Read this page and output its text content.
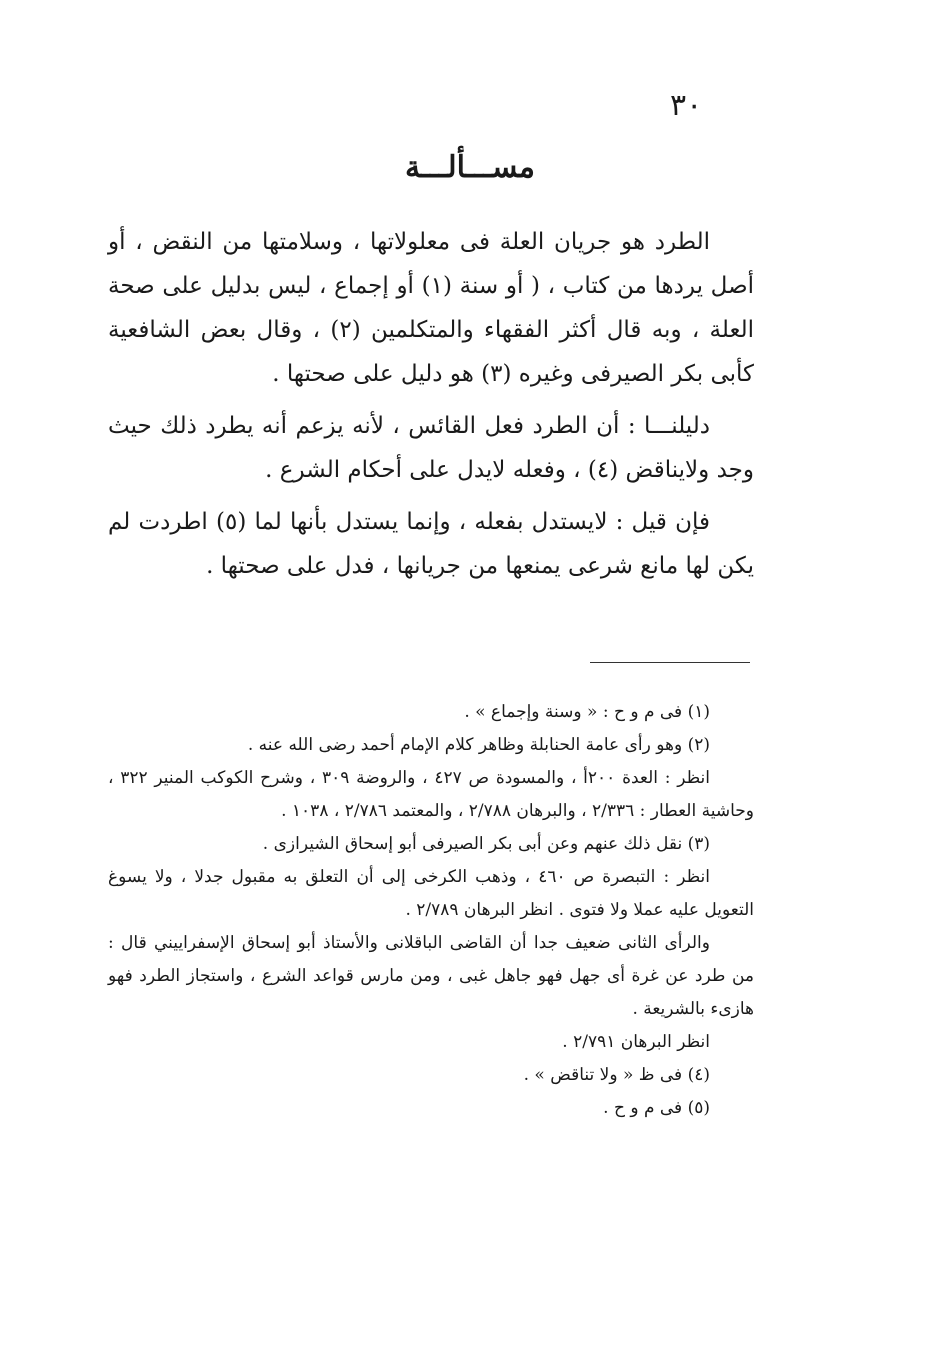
٣٠
مســـألـــة

الطرد هو جريان العلة فى معلولاتها ، وسلامتها من النقض ، أو أصل يردها من كتاب ، ( أو سنة (١) أو إجماع ، ليس بدليل على صحة العلة ، وبه قال أكثر الفقهاء والمتكلمين (٢) ، وقال بعض الشافعية كأبى بكر الصيرفى وغيره (٣) هو دليل على صحتها .

دليلنـــا : أن الطرد فعل القائس ، لأنه يزعم أنه يطرد ذلك حيث وجد ولايناقض (٤) ، وفعله لايدل على أحكام الشرع .

فإن قيل : لايستدل بفعله ، وإنما يستدل بأنها لما (٥) اطردت لم يكن لها مانع شرعى يمنعها من جريانها ، فدل على صحتها .

(١) فى م و ح : « وسنة وإجماع » .

(٢) وهو رأى عامة الحنابلة وظاهر كلام الإمام أحمد رضى الله عنه .

انظر : العدة ٢٠٠أ ، والمسودة ص ٤٢٧ ، والروضة ٣٠٩ ، وشرح الكوكب المنير ٣٢٢ ، وحاشية العطار : ٢/٣٣٦ ، والبرهان ٢/٧٨٨ ، والمعتمد ٢/٧٨٦ ، ١٠٣٨ .

(٣) نقل ذلك عنهم وعن أبى بكر الصيرفى أبو إسحاق الشيرازى .

انظر : التبصرة ص ٤٦٠ ، وذهب الكرخى إلى أن التعلق به مقبول جدلا ، ولا يسوغ التعويل عليه عملا ولا فتوى . انظر البرهان ٢/٧٨٩ .

والرأى الثانى ضعيف جدا أن القاضى الباقلانى والأستاذ أبو إسحاق الإسفراييني قال : من طرد عن غرة أى جهل فهو جاهل غبى ، ومن مارس قواعد الشرع ، واستجاز الطرد فهو هازىء بالشريعة .

انظر البرهان ٢/٧٩١ .

(٤) فى ظ « ولا تناقض » .

(٥) فى م و ح .
